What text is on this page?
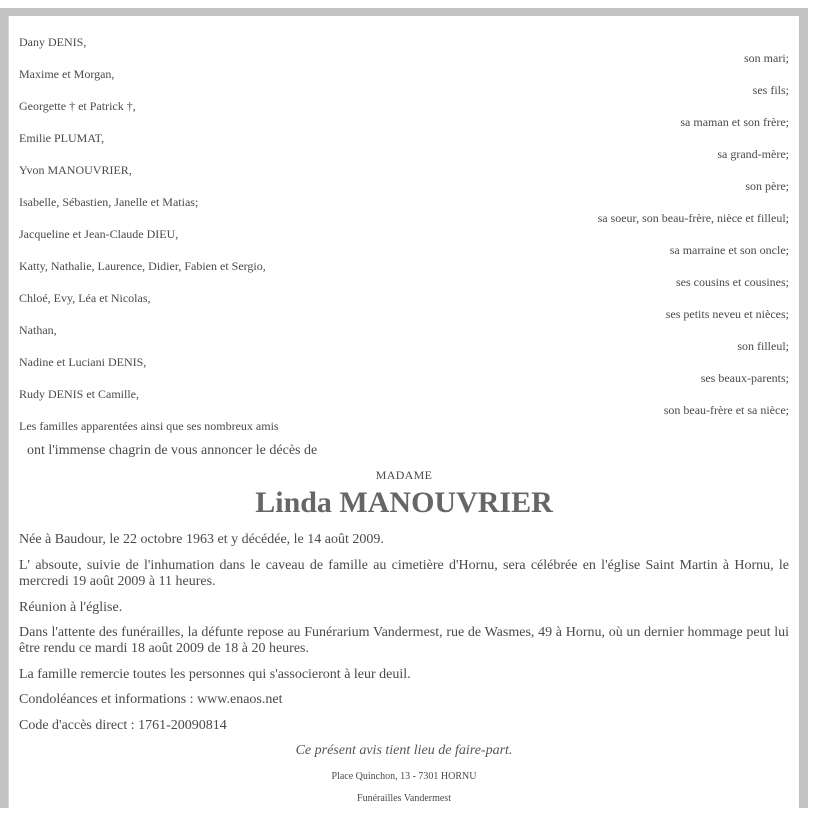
Dany DENIS,
son mari;
Maxime et Morgan,
ses fils;
Georgette † et Patrick †,
sa maman et son frère;
Emilie PLUMAT,
sa grand-mère;
Yvon MANOUVRIER,
son père;
Isabelle, Sébastien, Janelle et Matias;
sa soeur, son beau-frère, nièce et filleul;
Jacqueline et Jean-Claude DIEU,
sa marraine et son oncle;
Katty, Nathalie, Laurence, Didier, Fabien et Sergio,
ses cousins et cousines;
Chloé, Evy, Léa et Nicolas,
ses petits neveu et nièces;
Nathan,
son filleul;
Nadine et Luciani DENIS,
ses beaux-parents;
Rudy DENIS et Camille,
son beau-frère et sa nièce;
Les familles apparentées ainsi que ses nombreux amis
ont l'immense chagrin de vous annoncer le décès de
MADAME
Linda MANOUVRIER
Née à Baudour, le 22 octobre 1963 et y décédée, le 14 août 2009.
L' absoute, suivie de l'inhumation dans le caveau de famille au cimetière d'Hornu, sera célébrée en l'église Saint Martin à Hornu, le mercredi 19 août 2009 à 11 heures.
Réunion à l'église.
Dans l'attente des funérailles, la défunte repose au Funérarium Vandermest, rue de Wasmes, 49 à Hornu, où un dernier hommage peut lui être rendu ce mardi 18 août 2009 de 18 à 20 heures.
La famille remercie toutes les personnes qui s'associeront à leur deuil.
Condoléances et informations : www.enaos.net
Code d'accès direct : 1761-20090814
Ce présent avis tient lieu de faire-part.
Place Quinchon, 13 - 7301 HORNU
Funérailles Vandermest
